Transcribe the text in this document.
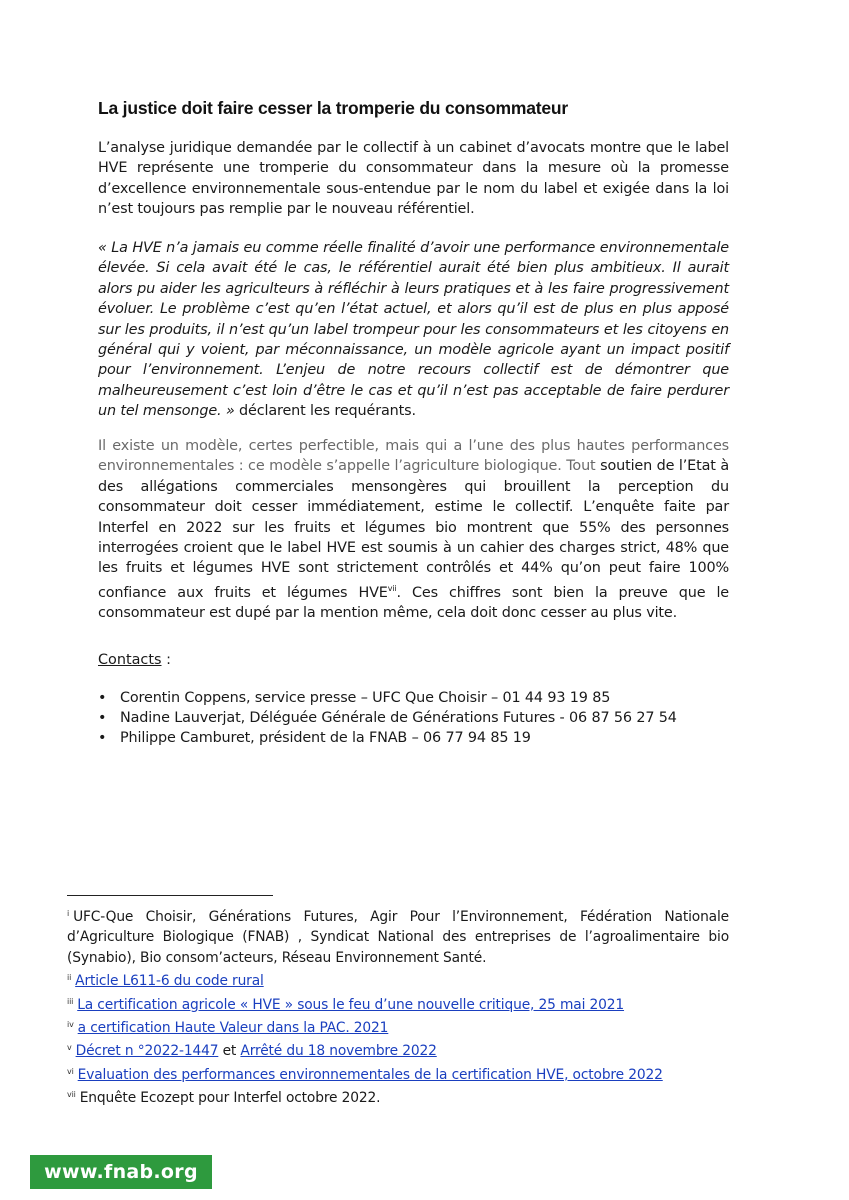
La justice doit faire cesser la tromperie du consommateur

L’analyse juridique demandée par le collectif à un cabinet d’avocats montre que le label HVE représente une tromperie du consommateur dans la mesure où la promesse d’excellence environnementale sous-entendue par le nom du label et exigée dans la loi n’est toujours pas remplie par le nouveau référentiel.

« La HVE n’a jamais eu comme réelle finalité d’avoir une performance environnementale élevée. Si cela avait été le cas, le référentiel aurait été bien plus ambitieux. Il aurait alors pu aider les agriculteurs à réfléchir à leurs pratiques et à les faire progressivement évoluer. Le problème c’est qu’en l’état actuel, et alors qu’il est de plus en plus apposé sur les produits, il n’est qu’un label trompeur pour les consommateurs et les citoyens en général qui y voient, par méconnaissance, un modèle agricole ayant un impact positif pour l’environnement. L’enjeu de notre recours collectif est de démontrer que malheureusement c’est loin d’être le cas et qu’il n’est pas acceptable de faire perdurer un tel mensonge. » déclarent les requérants.

Il existe un modèle, certes perfectible, mais qui a l’une des plus hautes performances environnementales : ce modèle s’appelle l’agriculture biologique. Tout soutien de l’Etat à des allégations commerciales mensongères qui brouillent la perception du consommateur doit cesser immédiatement, estime le collectif. L’enquête faite par Interfel en 2022 sur les fruits et légumes bio montrent que 55% des personnes interrogées croient que le label HVE est soumis à un cahier des charges strict, 48% que les fruits et légumes HVE sont strictement contrôlés et 44% qu’on peut faire 100% confiance aux fruits et légumes HVE$^{vii}$. Ces chiffres sont bien la preuve que le consommateur est dupé par la mention même, cela doit donc cesser au plus vite.

Contacts :
• Corentin Coppens, service presse – UFC Que Choisir – 01 44 93 19 85
• Nadine Lauverjat, Déléguée Générale de Générations Futures - 06 87 56 27 54
• Philippe Camburet, président de la FNAB – 06 77 94 85 19

$^i$ UFC-Que Choisir, Générations Futures, Agir Pour l’Environnement, Fédération Nationale d’Agriculture Biologique (FNAB) , Syndicat National des entreprises de l’agroalimentaire bio (Synabio), Bio consom’acteurs, Réseau Environnement Santé.

$^{ii}$ Article L611-6 du code rural

$^{iii}$ La certification agricole « HVE » sous le feu d’une nouvelle critique, 25 mai 2021

$^{iv}$ a certification Haute Valeur dans la PAC. 2021

$^v$ Décret n °2022-1447 et Arrêté du 18 novembre 2022

$^{vi}$ Evaluation des performances environnementales de la certification HVE, octobre 2022

$^{vii}$ Enquête Ecozept pour Interfel octobre 2022.

www.fnab.org
